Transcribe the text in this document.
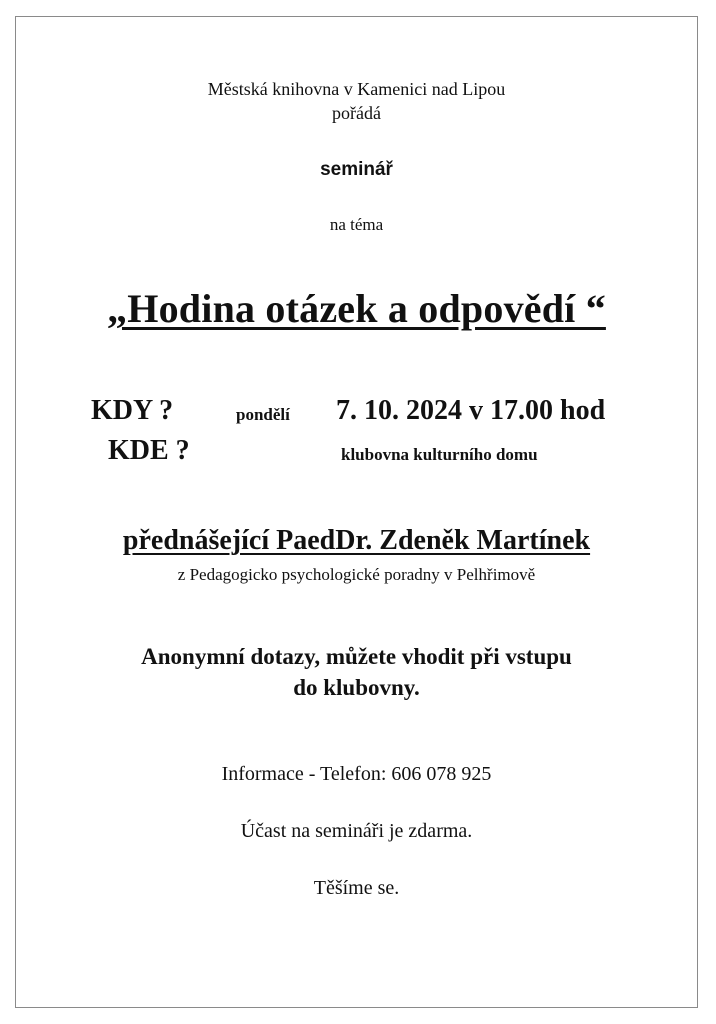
Městská knihovna v Kamenici nad Lipou
pořádá
seminář
na téma
„Hodina otázek a odpovědí “
KDY ?	pondělí 7. 10. 2024 v 17.00 hod
KDE ?	klubovna kulturního domu
přednášející PaedDr. Zdeněk Martínek
z Pedagogicko psychologické poradny v Pelhřimově
Anonymní dotazy, můžete vhodit při vstupu
do klubovny.
Informace - Telefon: 606 078 925
Účast na semináři je zdarma.
Těšíme se.
